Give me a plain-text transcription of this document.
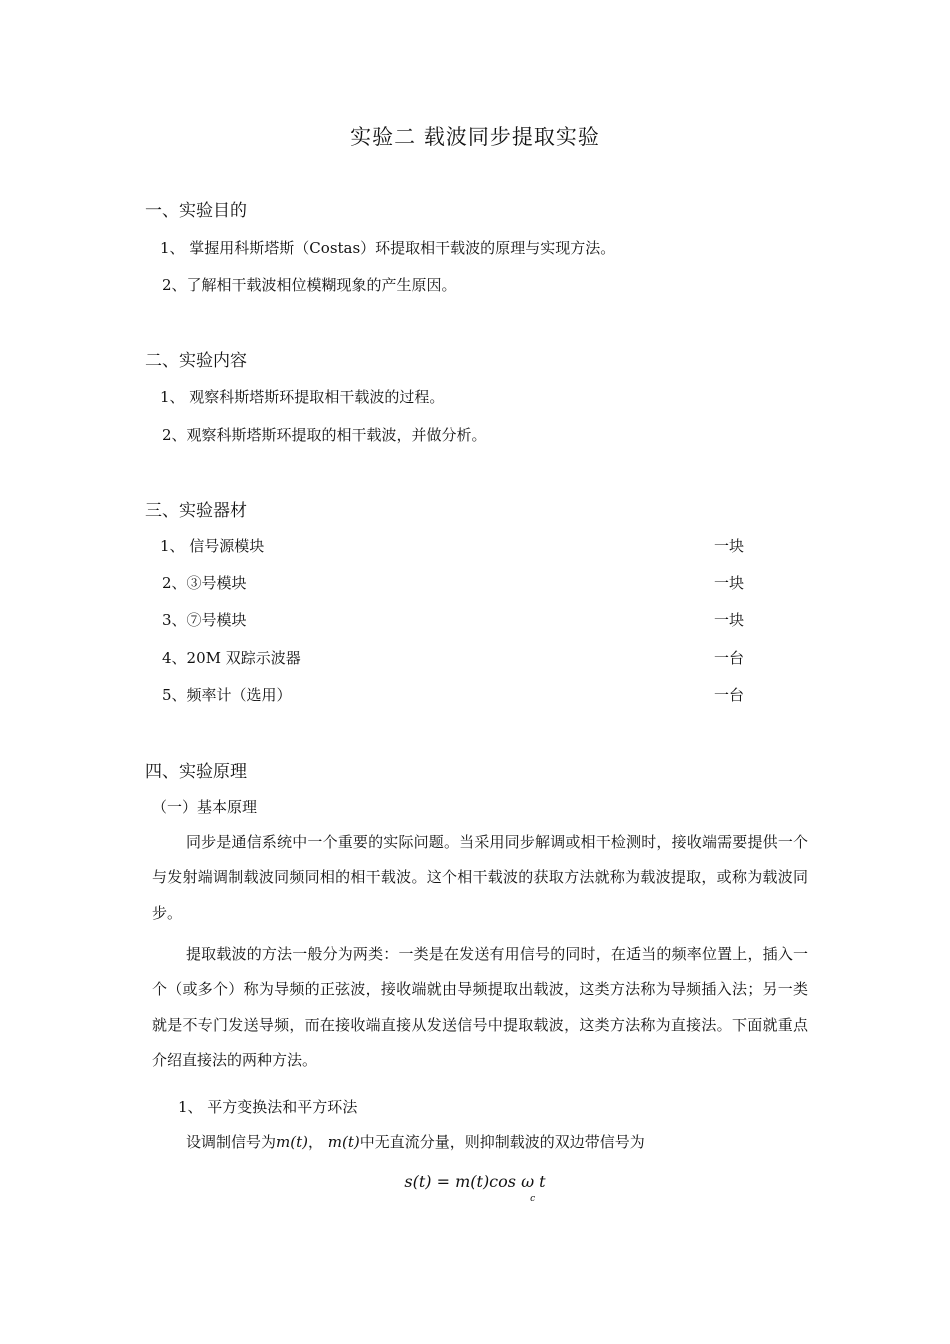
实验二 载波同步提取实验
一、实验目的
1、 掌握用科斯塔斯（Costas）环提取相干载波的原理与实现方法。
2、了解相干载波相位模糊现象的产生原因。
二、实验内容
1、 观察科斯塔斯环提取相干载波的过程。
2、观察科斯塔斯环提取的相干载波，并做分析。
三、实验器材
1、 信号源模块	一块
2、③号模块	一块
3、⑦号模块	一块
4、20M 双踪示波器	一台
5、频率计（选用）	一台
四、实验原理
（一）基本原理
同步是通信系统中一个重要的实际问题。当采用同步解调或相干检测时，接收端需要提供一个与发射端调制载波同频同相的相干载波。这个相干载波的获取方法就称为载波提取，或称为载波同步。
提取载波的方法一般分为两类：一类是在发送有用信号的同时，在适当的频率位置上，插入一个（或多个）称为导频的正弦波，接收端就由导频提取出载波，这类方法称为导频插入法；另一类就是不专门发送导频，而在接收端直接从发送信号中提取载波，这类方法称为直接法。下面就重点介绍直接法的两种方法。
1、 平方变换法和平方环法
设调制信号为m(t)， m(t)中无直流分量，则抑制载波的双边带信号为
s(t) = m(t)cos $\omega_ct$
